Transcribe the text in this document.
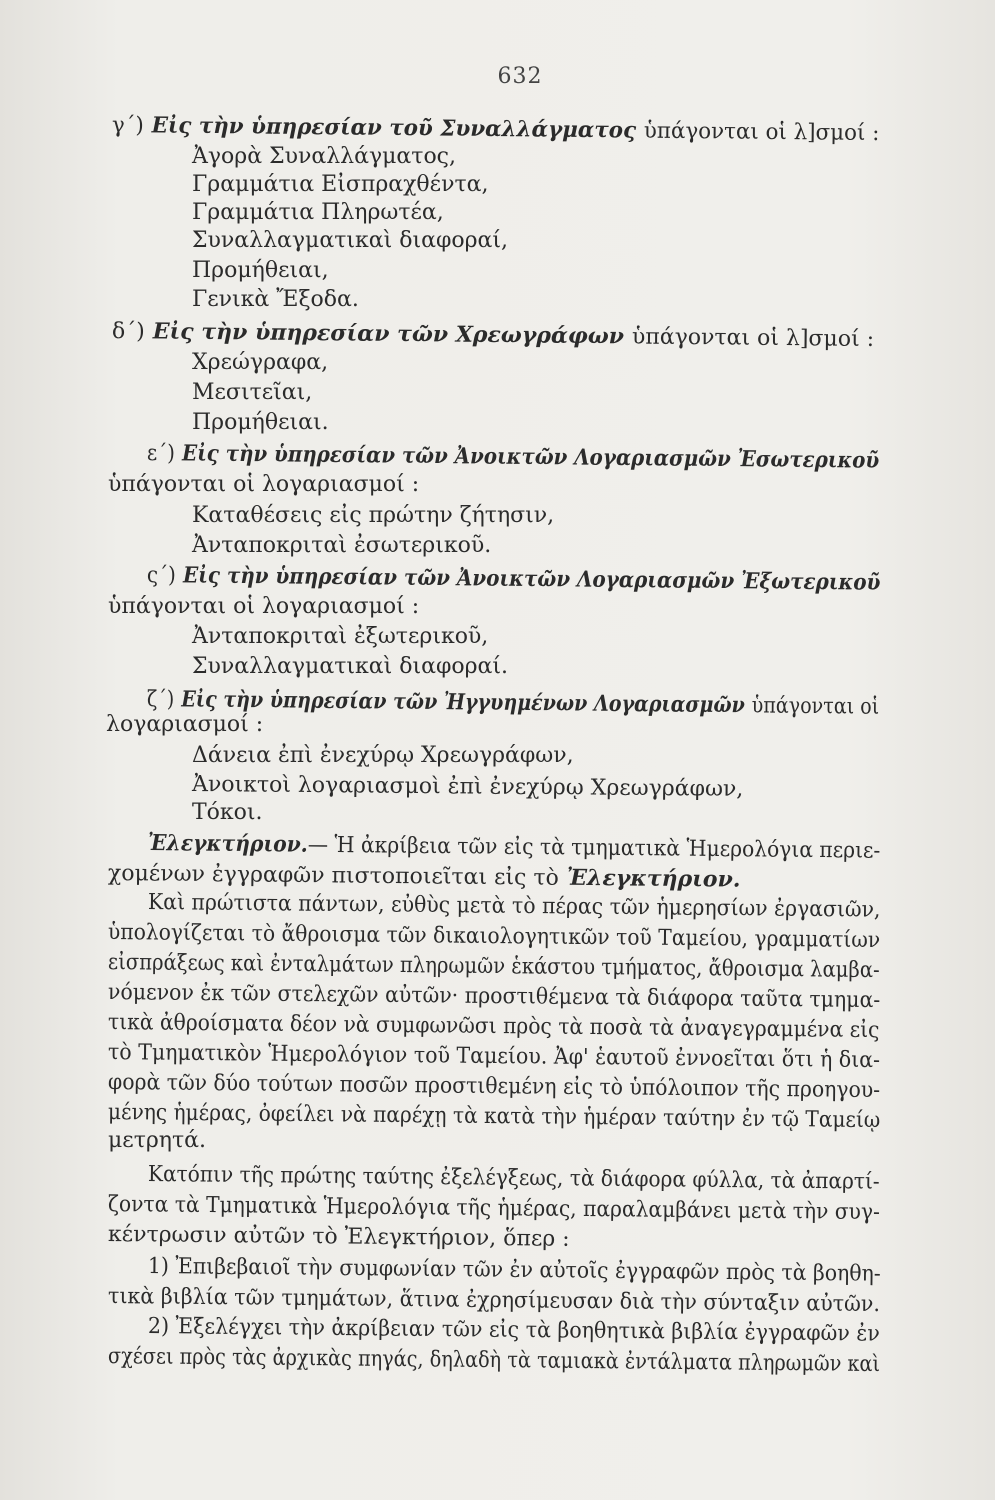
632
γ΄) Εἰς τὴν ὑπηρεσίαν τοῦ Συναλλάγματος ὑπάγονται οἱ λ]σμοί :
Ἀγορὰ Συναλλάγματος,
Γραμμάτια Εἰσπραχθέντα,
Γραμμάτια Πληρωτέα,
Συναλλαγματικαὶ διαφοραί,
Προμήθειαι,
Γενικὰ Ἔξοδα.
δ΄) Εἰς τὴν ὑπηρεσίαν τῶν Χρεωγράφων ὑπάγονται οἱ λ]σμοί :
Χρεώγραφα,
Μεσιτεῖαι,
Προμήθειαι.
ε΄) Εἰς τὴν ὑπηρεσίαν τῶν Ἀνοικτῶν Λογαριασμῶν Ἐσωτερικοῦ
ὑπάγονται οἱ λογαριασμοί :
Καταθέσεις εἰς πρώτην ζήτησιν,
Ἀνταποκριταὶ ἐσωτερικοῦ.
ς΄) Εἰς τὴν ὑπηρεσίαν τῶν Ἀνοικτῶν Λογαριασμῶν Ἐξωτερικοῦ
ὑπάγονται οἱ λογαριασμοί :
Ἀνταποκριταὶ ἐξωτερικοῦ,
Συναλλαγματικαὶ διαφοραί.
ζ΄) Εἰς τὴν ὑπηρεσίαν τῶν Ἠγγυημένων Λογαριασμῶν ὑπάγονται οἱ
λογαριασμοί :
Δάνεια ἐπὶ ἐνεχύρῳ Χρεωγράφων,
Ἀνοικτοὶ λογαριασμοὶ ἐπὶ ἐνεχύρῳ Χρεωγράφων,
Τόκοι.
Ἐλεγκτήριον.— Ἡ ἀκρίβεια τῶν εἰς τὰ τμηματικὰ Ἡμερολόγια περιε-
χομένων ἐγγραφῶν πιστοποιεῖται εἰς τὸ Ἐλεγκτήριον.
Καὶ πρώτιστα πάντων, εὐθὺς μετὰ τὸ πέρας τῶν ἡμερησίων ἐργασιῶν,
ὑπολογίζεται τὸ ἄθροισμα τῶν δικαιολογητικῶν τοῦ Ταμείου, γραμματίων
εἰσπράξεως καὶ ἐνταλμάτων πληρωμῶν ἑκάστου τμήματος, ἄθροισμα λαμβα-
νόμενον ἐκ τῶν στελεχῶν αὐτῶν· προστιθέμενα τὰ διάφορα ταῦτα τμημα-
τικὰ ἀθροίσματα δέον νὰ συμφωνῶσι πρὸς τὰ ποσὰ τὰ ἀναγεγραμμένα εἰς
τὸ Τμηματικὸν Ἡμερολόγιον τοῦ Ταμείου. Ἀφ' ἑαυτοῦ ἐννοεῖται ὅτι ἡ δια-
φορὰ τῶν δύο τούτων ποσῶν προστιθεμένη εἰς τὸ ὑπόλοιπον τῆς προηγου-
μένης ἡμέρας, ὀφείλει νὰ παρέχῃ τὰ κατὰ τὴν ἡμέραν ταύτην ἐν τῷ Ταμείῳ
μετρητά.
Κατόπιν τῆς πρώτης ταύτης ἐξελέγξεως, τὰ διάφορα φύλλα, τὰ ἀπαρτί-
ζοντα τὰ Τμηματικὰ Ἡμερολόγια τῆς ἡμέρας, παραλαμβάνει μετὰ τὴν συγ-
κέντρωσιν αὐτῶν τὸ Ἐλεγκτήριον, ὅπερ :
1) Ἐπιβεβαιοῖ τὴν συμφωνίαν τῶν ἐν αὐτοῖς ἐγγραφῶν πρὸς τὰ βοηθη-
τικὰ βιβλία τῶν τμημάτων, ἅτινα ἐχρησίμευσαν διὰ τὴν σύνταξιν αὐτῶν.
2) Ἐξελέγχει τὴν ἀκρίβειαν τῶν εἰς τὰ βοηθητικὰ βιβλία ἐγγραφῶν ἐν
σχέσει πρὸς τὰς ἀρχικὰς πηγάς, δηλαδὴ τὰ ταμιακὰ ἐντάλματα πληρωμῶν καὶ
